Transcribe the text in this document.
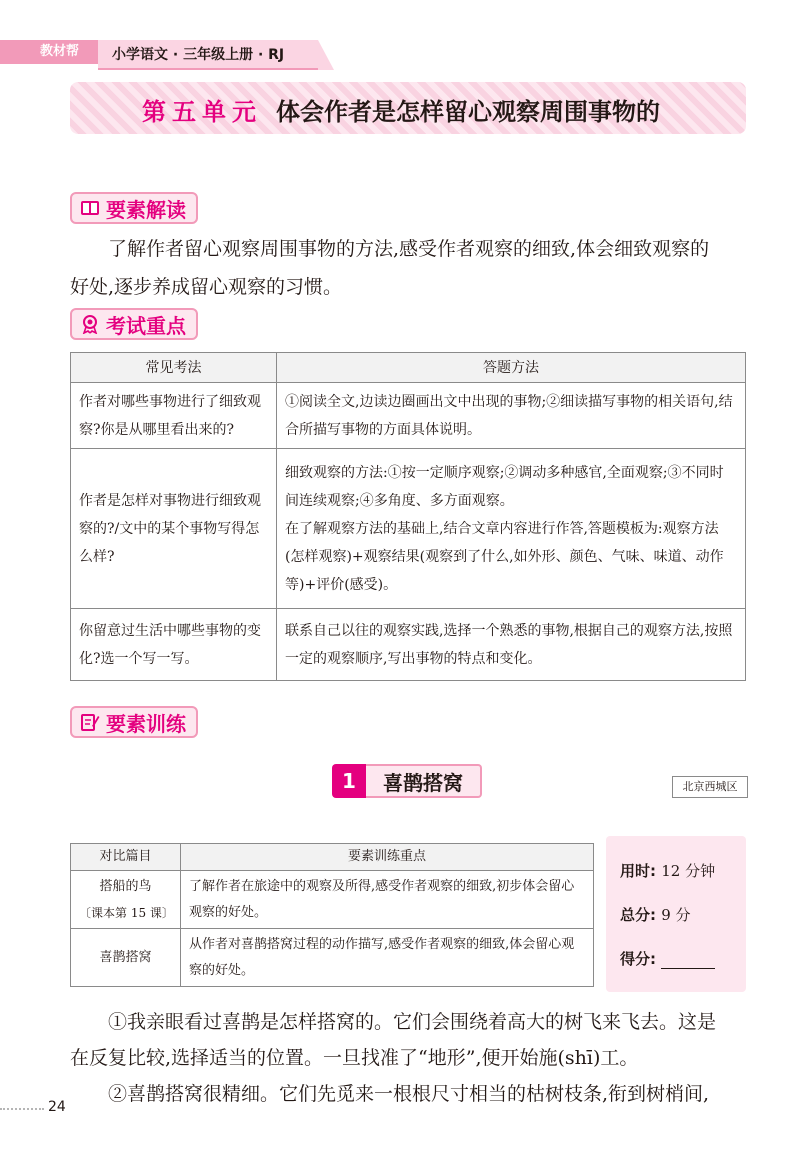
教材帮	小学语文 · 三年级上册 · RJ
第五单元 体会作者是怎样留心观察周围事物的
要素解读
了解作者留心观察周围事物的方法,感受作者观察的细致,体会细致观察的
好处,逐步养成留心观察的习惯。
考试重点
常见考法	答题方法
作者对哪些事物进行了细致观察?你是从哪里看出来的?	①阅读全文,边读边圈画出文中出现的事物;②细读描写事物的相关语句,结合所描写事物的方面具体说明。
作者是怎样对事物进行细致观察的?/文中的某个事物写得怎么样?	细致观察的方法:①按一定顺序观察;②调动多种感官,全面观察;③不同时间连续观察;④多角度、多方面观察。
在了解观察方法的基础上,结合文章内容进行作答,答题模板为:观察方法(怎样观察)+观察结果(观察到了什么,如外形、颜色、气味、味道、动作等)+评价(感受)。

你留意过生活中哪些事物的变化?选一个写一写。	联系自己以往的观察实践,选择一个熟悉的事物,根据自己的观察方法,按照一定的观察顺序,写出事物的特点和变化。
要素训练
1	喜鹊搭窝	北京西城区
对比篇目	要素训练重点

搭船的鸟
〔课本第 15 课〕	了解作者在旅途中的观察及所得,感受作者观察的细致,初步体会留心观察的好处。

喜鹊搭窝	从作者对喜鹊搭窝过程的动作描写,感受作者观察的细致,体会留心观察的好处。
用时: 12 分钟
总分: 9 分
得分:
①我亲眼看过喜鹊是怎样搭窝的。它们会围绕着高大的树飞来飞去。这是
在反复比较,选择适当的位置。一旦找准了“地形”,便开始施(shī)工。
②喜鹊搭窝很精细。它们先觅来一根根尺寸相当的枯树枝条,衔到树梢间,
24
